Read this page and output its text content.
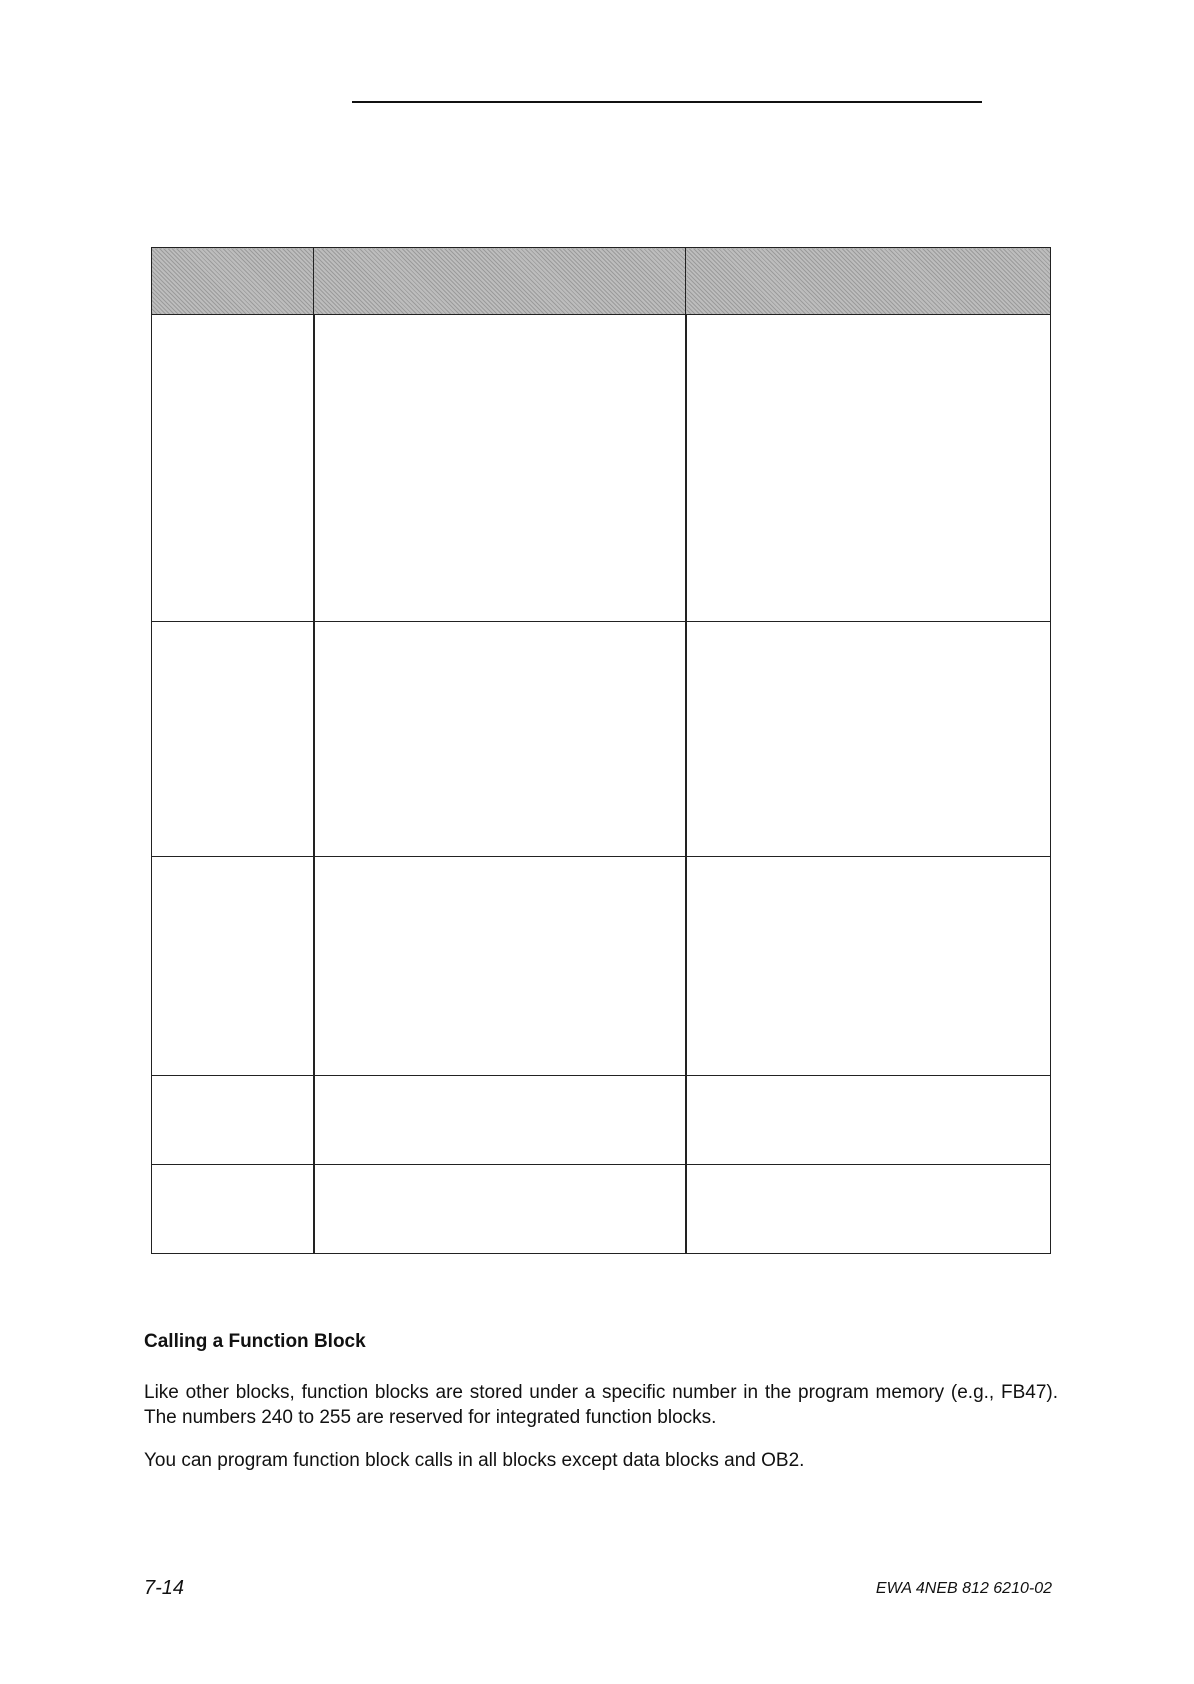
Calling a Function Block

Like other blocks, function blocks are stored under a specific number in the program memory (e.g., FB47). The numbers 240 to 255 are reserved for integrated function blocks.

You can program function block calls in all blocks except data blocks and OB2.

7-14	EWA 4NEB 812 6210-02
